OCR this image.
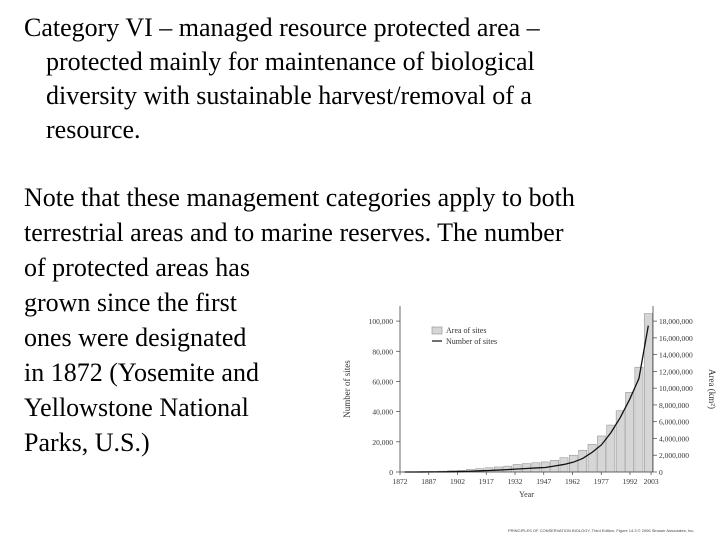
Category VI – managed resource protected area –
protected mainly for maintenance of biological
diversity with sustainable harvest/removal of a
resource.
Note that these management categories apply to both
terrestrial areas and to marine reserves. The number
of protected areas has
grown since the first
ones were designated
in 1872 (Yosemite and
Yellowstone National
Parks, U.S.)
0
20,000
40,000
60,000
80,000
100,000
0
2,000,000
4,000,000
6,000,000
8,000,000
10,000,000
12,000,000
14,000,000
16,000,000
18,000,000
1872 1887 1902 1917 1932 1947 1962 1977 1992 2003
Year
Number of sites	Area (km²)
Area of sites
Number of sites
PRINCIPLES OF CONSERVATION BIOLOGY, Third Edition, Figure 14.3 © 2006 Sinauer Associates, Inc.
